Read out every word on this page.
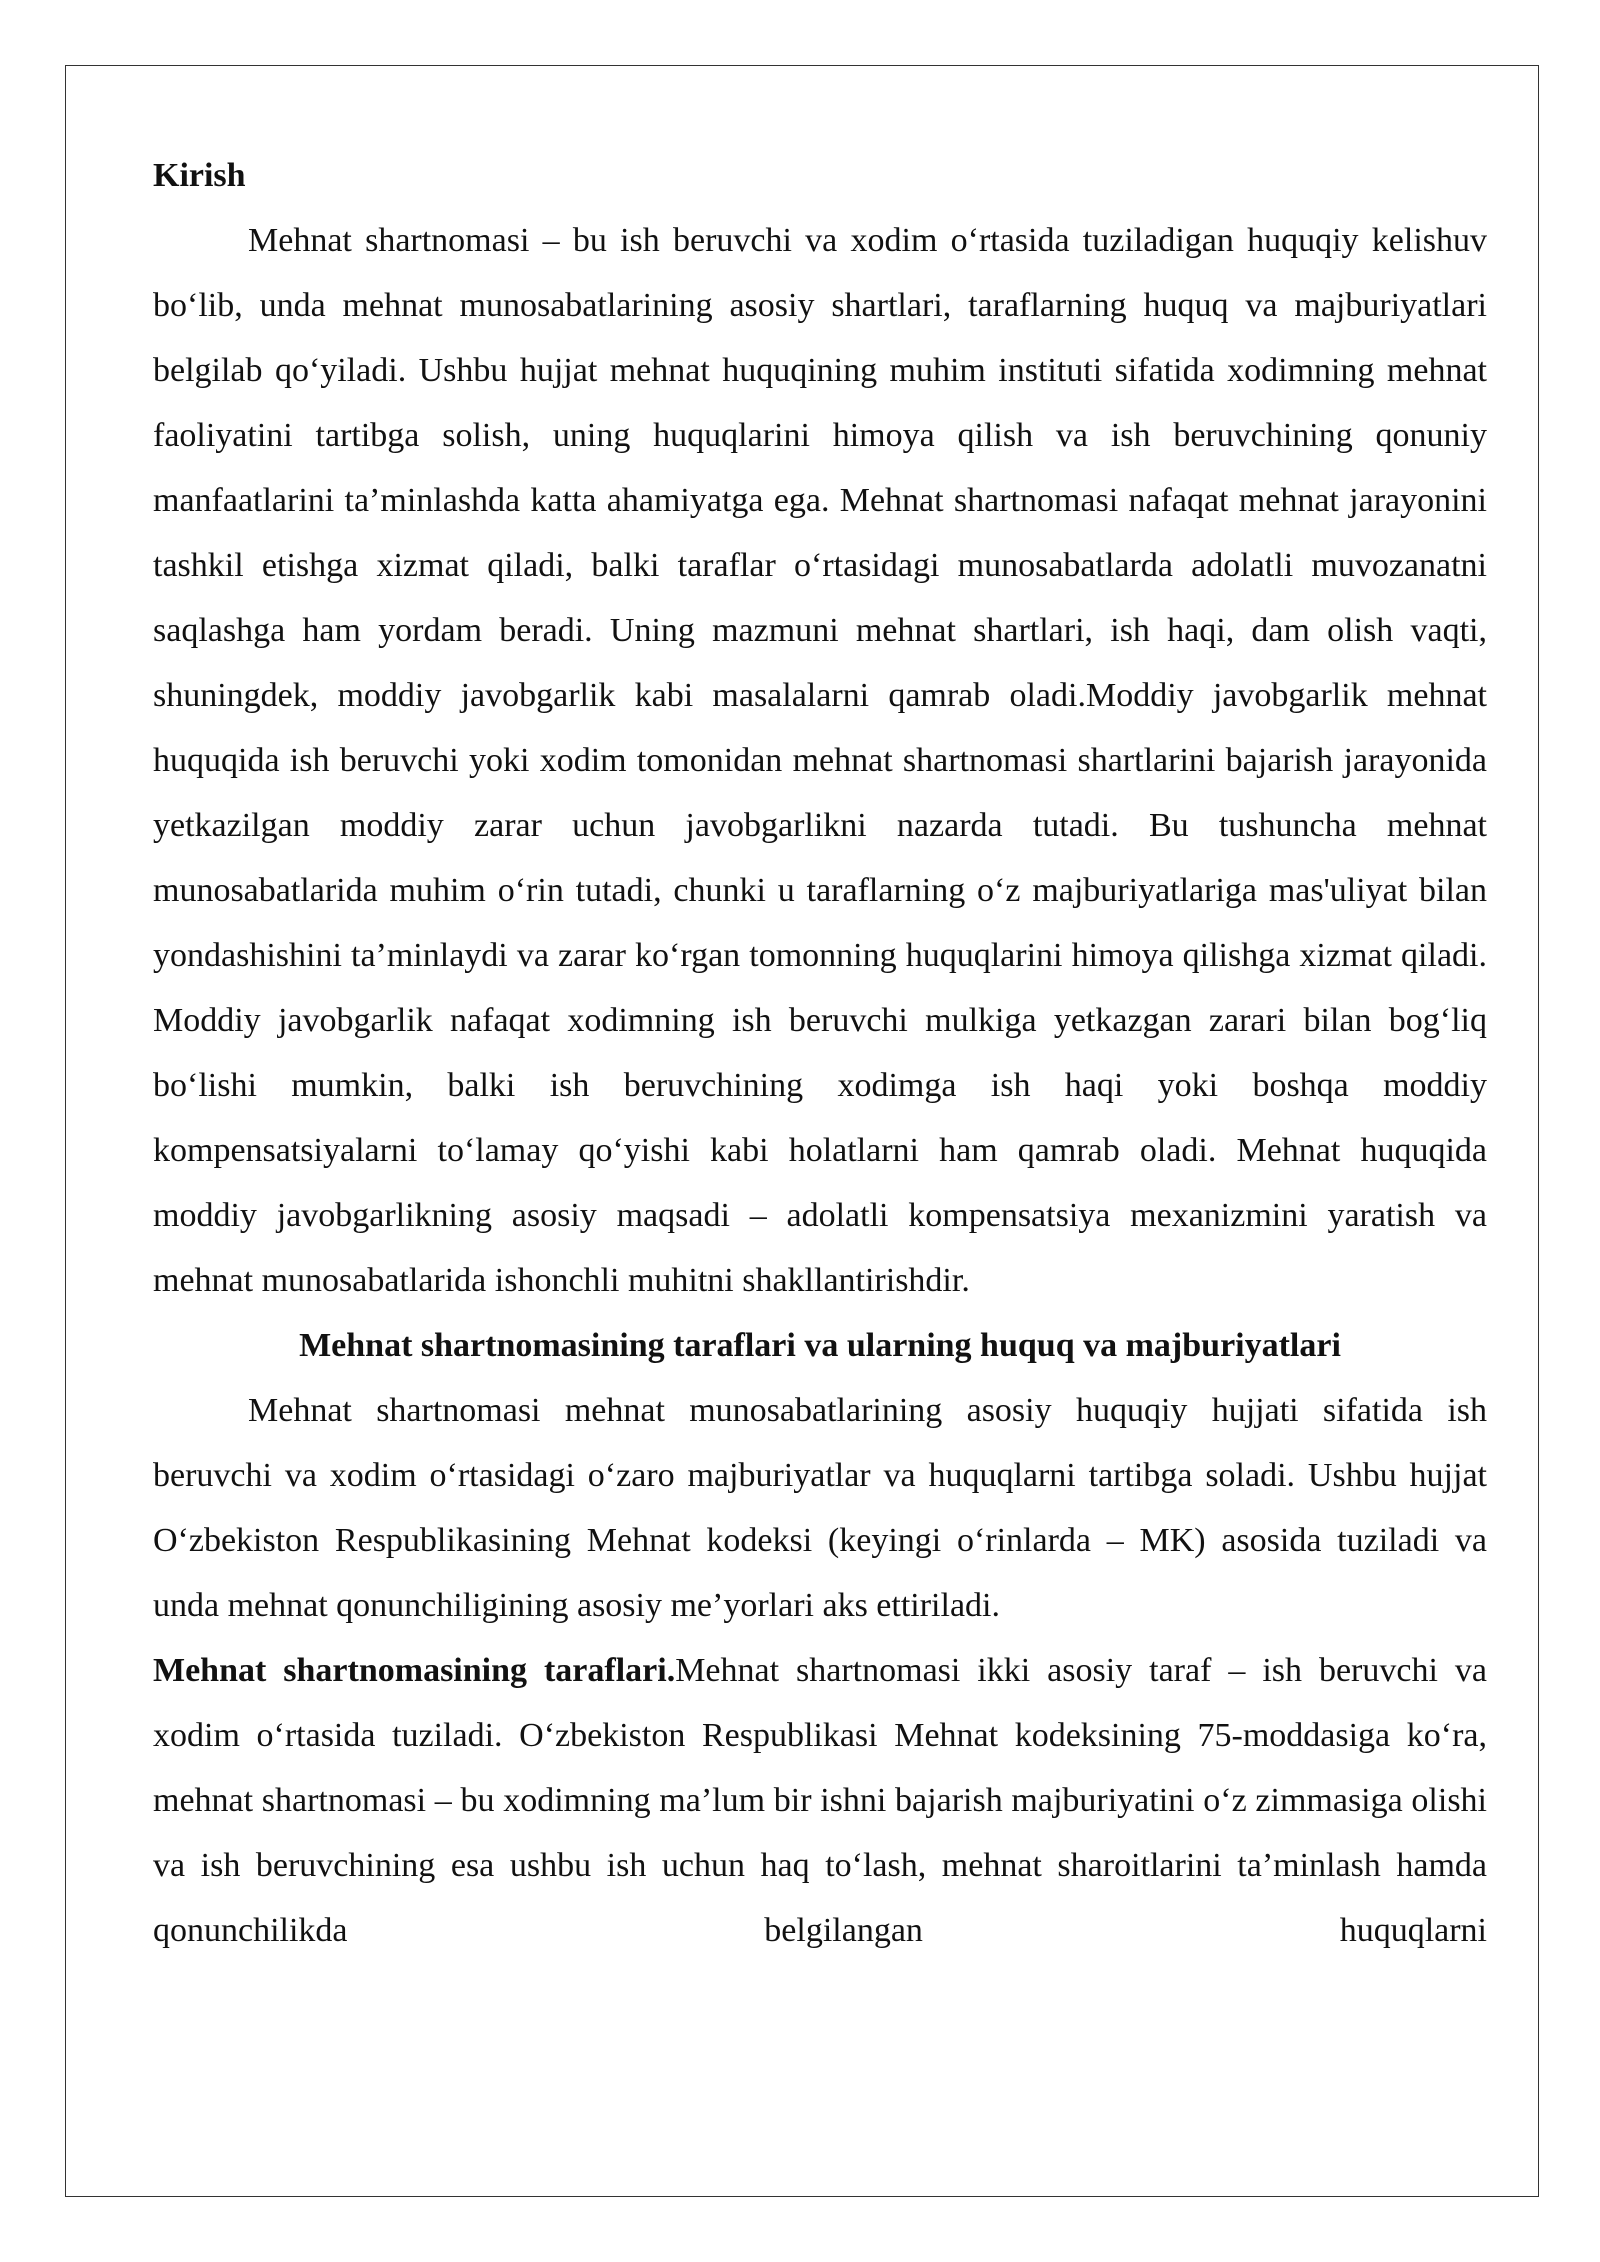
Kirish

Mehnat shartnomasi – bu ish beruvchi va xodim o‘rtasida tuziladigan huquqiy kelishuv bo‘lib, unda mehnat munosabatlarining asosiy shartlari, taraflarning huquq va majburiyatlari belgilab qo‘yiladi. Ushbu hujjat mehnat huquqining muhim instituti sifatida xodimning mehnat faoliyatini tartibga solish, uning huquqlarini himoya qilish va ish beruvchining qonuniy manfaatlarini ta’minlashda katta ahamiyatga ega. Mehnat shartnomasi nafaqat mehnat jarayonini tashkil etishga xizmat qiladi, balki taraflar o‘rtasidagi munosabatlarda adolatli muvozanatni saqlashga ham yordam beradi. Uning mazmuni mehnat shartlari, ish haqi, dam olish vaqti, shuningdek, moddiy javobgarlik kabi masalalarni qamrab oladi.Moddiy javobgarlik mehnat huquqida ish beruvchi yoki xodim tomonidan mehnat shartnomasi shartlarini bajarish jarayonida yetkazilgan moddiy zarar uchun javobgarlikni nazarda tutadi. Bu tushuncha mehnat munosabatlarida muhim o‘rin tutadi, chunki u taraflarning o‘z majburiyatlariga mas'uliyat bilan yondashishini ta’minlaydi va zarar ko‘rgan tomonning huquqlarini himoya qilishga xizmat qiladi. Moddiy javobgarlik nafaqat xodimning ish beruvchi mulkiga yetkazgan zarari bilan bog‘liq bo‘lishi mumkin, balki ish beruvchining xodimga ish haqi yoki boshqa moddiy kompensatsiyalarni to‘lamay qo‘yishi kabi holatlarni ham qamrab oladi. Mehnat huquqida moddiy javobgarlikning asosiy maqsadi – adolatli kompensatsiya mexanizmini yaratish va mehnat munosabatlarida ishonchli muhitni shakllantirishdir.

Mehnat shartnomasining taraflari va ularning huquq va majburiyatlari

Mehnat shartnomasi mehnat munosabatlarining asosiy huquqiy hujjati sifatida ish beruvchi va xodim o‘rtasidagi o‘zaro majburiyatlar va huquqlarni tartibga soladi. Ushbu hujjat O‘zbekiston Respublikasining Mehnat kodeksi (keyingi o‘rinlarda – MK) asosida tuziladi va unda mehnat qonunchiligining asosiy me’yorlari aks ettiriladi.

Mehnat shartnomasining taraflari.Mehnat shartnomasi ikki asosiy taraf – ish beruvchi va xodim o‘rtasida tuziladi. O‘zbekiston Respublikasi Mehnat kodeksining 75-moddasiga ko‘ra, mehnat shartnomasi – bu xodimning ma’lum bir ishni bajarish majburiyatini o‘z zimmasiga olishi va ish beruvchining esa ushbu ish uchun haq to‘lash, mehnat sharoitlarini ta’minlash hamda qonunchilikda belgilangan huquqlarni
